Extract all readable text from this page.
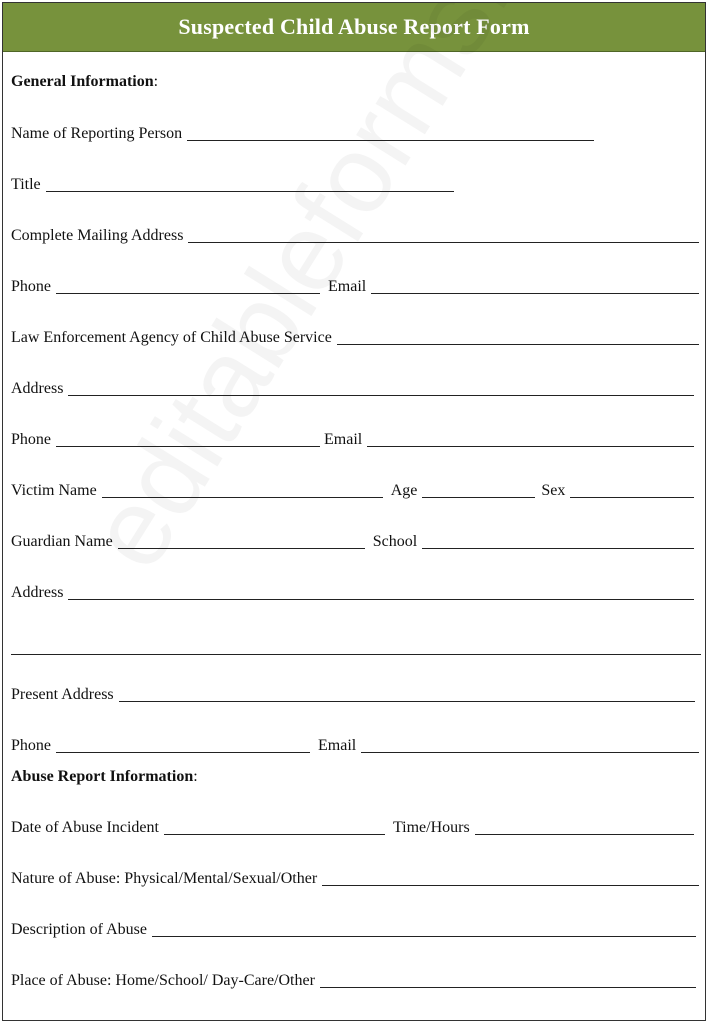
Suspected Child Abuse Report Form
General Information:
Name of Reporting Person
Title
Complete Mailing Address
Phone	Email
Law Enforcement Agency of Child Abuse Service
Address
Phone	Email
Victim Name	Age	Sex
Guardian Name	School
Address
Present Address
Phone	Email
Abuse Report Information:
Date of Abuse Incident	Time/Hours
Nature of Abuse: Physical/Mental/Sexual/Other
Description of Abuse
Place of Abuse: Home/School/ Day-Care/Other
